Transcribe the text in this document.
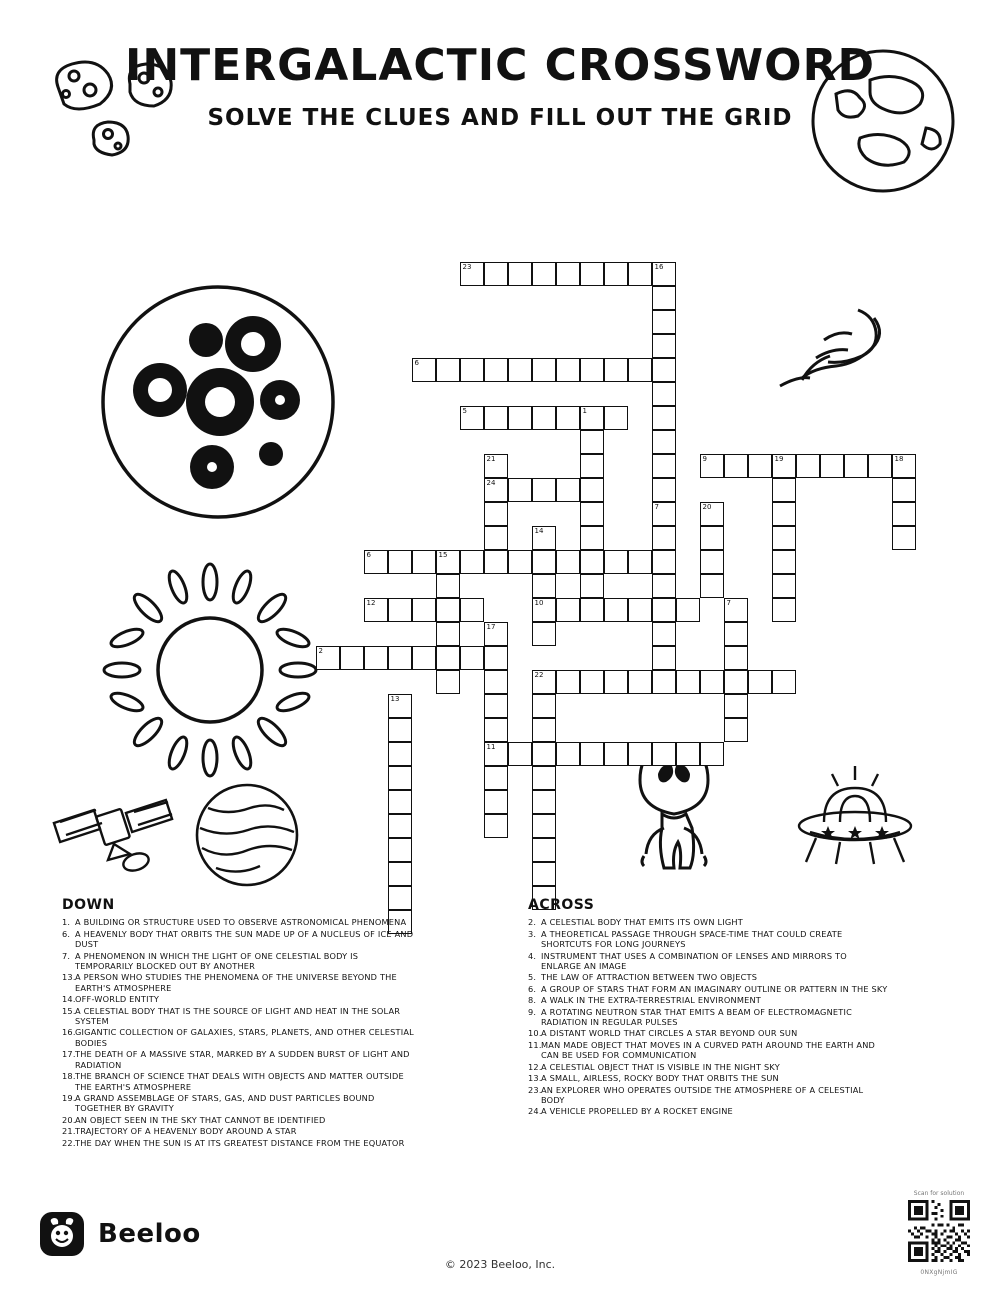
INTERGALACTIC CROSSWORD
SOLVE THE CLUES AND FILL OUT THE GRID
23	16
7
6
1
5
19
9	18
21
24
20
14
10
6	15
12	7
17
11
2
22
13
DOWN
1. A BUILDING OR STRUCTURE USED TO OBSERVE ASTRONOMICAL PHENOMENA
6. A HEAVENLY BODY THAT ORBITS THE SUN MADE UP OF A NUCLEUS OF ICE AND DUST
7. A PHENOMENON IN WHICH THE LIGHT OF ONE CELESTIAL BODY IS TEMPORARILY BLOCKED OUT BY ANOTHER
13. A PERSON WHO STUDIES THE PHENOMENA OF THE UNIVERSE BEYOND THE EARTH'S ATMOSPHERE
14. OFF-WORLD ENTITY
15. A CELESTIAL BODY THAT IS THE SOURCE OF LIGHT AND HEAT IN THE SOLAR SYSTEM
16. GIGANTIC COLLECTION OF GALAXIES, STARS, PLANETS, AND OTHER CELESTIAL BODIES
17. THE DEATH OF A MASSIVE STAR, MARKED BY A SUDDEN BURST OF LIGHT AND RADIATION
18. THE BRANCH OF SCIENCE THAT DEALS WITH OBJECTS AND MATTER OUTSIDE THE EARTH'S ATMOSPHERE
19. A GRAND ASSEMBLAGE OF STARS, GAS, AND DUST PARTICLES BOUND TOGETHER BY GRAVITY
20. AN OBJECT SEEN IN THE SKY THAT CANNOT BE IDENTIFIED
21. TRAJECTORY OF A HEAVENLY BODY AROUND A STAR
22. THE DAY WHEN THE SUN IS AT ITS GREATEST DISTANCE FROM THE EQUATOR
ACROSS
2. A CELESTIAL BODY THAT EMITS ITS OWN LIGHT
3. A THEORETICAL PASSAGE THROUGH SPACE-TIME THAT COULD CREATE SHORTCUTS FOR LONG JOURNEYS
4. INSTRUMENT THAT USES A COMBINATION OF LENSES AND MIRRORS TO ENLARGE AN IMAGE
5. THE LAW OF ATTRACTION BETWEEN TWO OBJECTS
6. A GROUP OF STARS THAT FORM AN IMAGINARY OUTLINE OR PATTERN IN THE SKY
8. A WALK IN THE EXTRA-TERRESTRIAL ENVIRONMENT
9. A ROTATING NEUTRON STAR THAT EMITS A BEAM OF ELECTROMAGNETIC RADIATION IN REGULAR PULSES
10. A DISTANT WORLD THAT CIRCLES A STAR BEYOND OUR SUN
11. MAN MADE OBJECT THAT MOVES IN A CURVED PATH AROUND THE EARTH AND CAN BE USED FOR COMMUNICATION
12. A CELESTIAL OBJECT THAT IS VISIBLE IN THE NIGHT SKY
13. A SMALL, AIRLESS, ROCKY BODY THAT ORBITS THE SUN
23. AN EXPLORER WHO OPERATES OUTSIDE THE ATMOSPHERE OF A CELESTIAL BODY
24. A VEHICLE PROPELLED BY A ROCKET ENGINE
Beeloo
© 2023 Beeloo, Inc.
Scan for solution
0NXgNjmIG
